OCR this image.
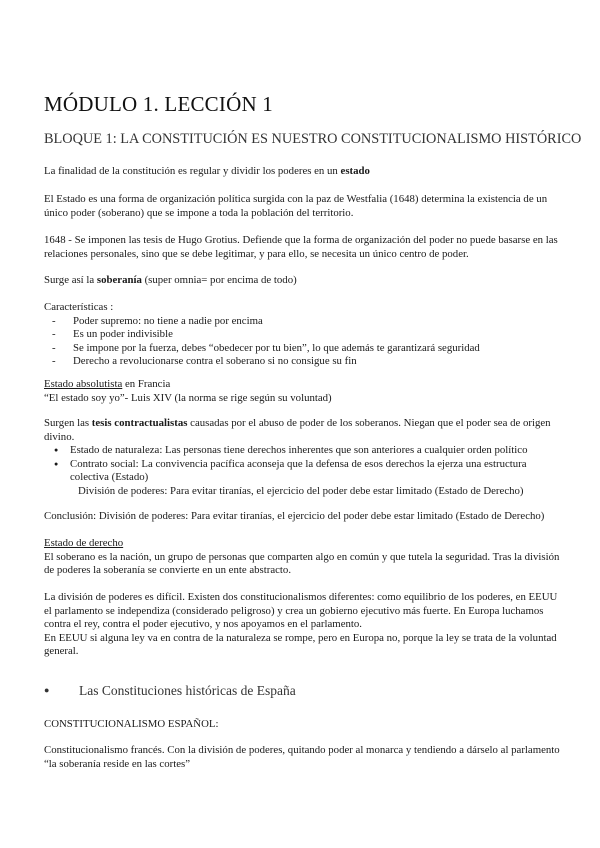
MÓDULO 1. LECCIÓN 1
BLOQUE 1: LA CONSTITUCIÓN ES NUESTRO CONSTITUCIONALISMO HISTÓRICO

La finalidad de la constitución es regular y dividir los poderes en un estado

El Estado es una forma de organización política surgida con la paz de Westfalia (1648) determina la existencia de un único poder (soberano) que se impone a toda la población del territorio.

1648 - Se imponen las tesis de Hugo Grotius. Defiende que la forma de organización del poder no puede basarse en las relaciones personales, sino que se debe legitimar, y para ello, se necesita un único centro de poder.

Surge así la soberanía (super omnia= por encima de todo)

Características :

- Poder supremo: no tiene a nadie por encima
- Es un poder indivisible
- Se impone por la fuerza, debes “obedecer por tu bien”, lo que además te garantizará seguridad
- Derecho a revolucionarse contra el soberano si no consigue su fin

Estado absolutista en Francia

“El estado soy yo”- Luis XIV (la norma se rige según su voluntad)

Surgen las tesis contractualistas causadas por el abuso de poder de los soberanos. Niegan que el poder sea de origen divino.

● Estado de naturaleza: Las personas tiene derechos inherentes que son anteriores a cualquier orden político
● Contrato social: La convivencia pacífica aconseja que la defensa de esos derechos la ejerza una estructura colectiva (Estado)

División de poderes: Para evitar tiranías, el ejercicio del poder debe estar limitado (Estado de Derecho)

Conclusión: División de poderes: Para evitar tiranías, el ejercicio del poder debe estar limitado (Estado de Derecho)

Estado de derecho

El soberano es la nación, un grupo de personas que comparten algo en común y que tutela la seguridad. Tras la división de poderes la soberanía se convierte en un ente abstracto.

La división de poderes es difícil. Existen dos constitucionalismos diferentes: como equilibrio de los poderes, en EEUU el parlamento se independiza (considerado peligroso) y crea un gobierno ejecutivo más fuerte. En Europa luchamos contra el rey, contra el poder ejecutivo, y nos apoyamos en el parlamento.

En EEUU si alguna ley va en contra de la naturaleza se rompe, pero en Europa no, porque la ley se trata de la voluntad general.

● Las Constituciones históricas de España

CONSTITUCIONALISMO ESPAÑOL:

Constitucionalismo francés. Con la división de poderes, quitando poder al monarca y tendiendo a dárselo al parlamento “la soberanía reside en las cortes”
